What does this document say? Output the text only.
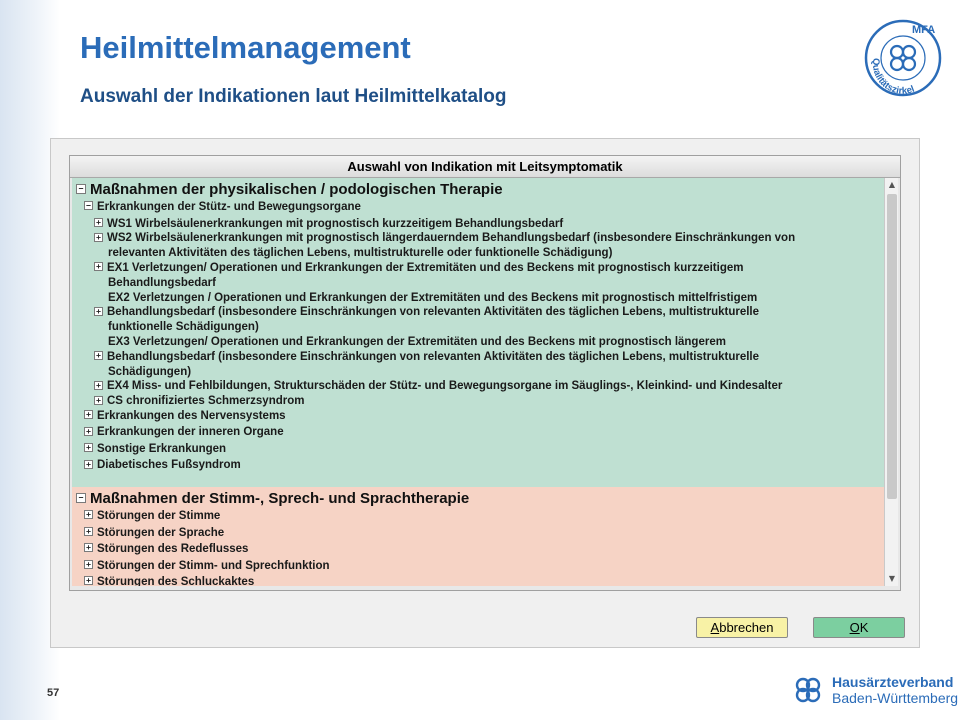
Heilmittelmanagement
Auswahl der Indikationen laut Heilmittelkatalog
MFA
Qualitätszirkel
Auswahl von Indikation mit Leitsymptomatik
− Maßnahmen der physikalischen / podologischen Therapie
− Erkrankungen der Stütz- und Bewegungsorgane
+ WS1 Wirbelsäulenerkrankungen mit prognostisch kurzzeitigem Behandlungsbedarf
+ WS2 Wirbelsäulenerkrankungen mit prognostisch längerdauerndem Behandlungsbedarf (insbesondere Einschränkungen von
relevanten Aktivitäten des täglichen Lebens, multistrukturelle oder funktionelle Schädigung)
+ EX1 Verletzungen/ Operationen und Erkrankungen der Extremitäten und des Beckens mit prognostisch kurzzeitigem
Behandlungsbedarf
EX2 Verletzungen / Operationen und Erkrankungen der Extremitäten und des Beckens mit prognostisch mittelfristigem
+ Behandlungsbedarf (insbesondere Einschränkungen von relevanten Aktivitäten des täglichen Lebens, multistrukturelle
funktionelle Schädigungen)
EX3 Verletzungen/ Operationen und Erkrankungen der Extremitäten und des Beckens mit prognostisch längerem
+ Behandlungsbedarf (insbesondere Einschränkungen von relevanten Aktivitäten des täglichen Lebens, multistrukturelle
Schädigungen)
+ EX4 Miss- und Fehlbildungen, Strukturschäden der Stütz- und Bewegungsorgane im Säuglings-, Kleinkind- und Kindesalter
+ CS chronifiziertes Schmerzsyndrom
+ Erkrankungen des Nervensystems
+ Erkrankungen der inneren Organe
+ Sonstige Erkrankungen
+ Diabetisches Fußsyndrom
− Maßnahmen der Stimm-, Sprech- und Sprachtherapie
+ Störungen der Stimme
+ Störungen der Sprache
+ Störungen des Redeflusses
+ Störungen der Stimm- und Sprechfunktion
+ Störungen des Schluckaktes
▲
▼
Abbrechen	OK
57
Hausärzteverband
Baden-Württemberg
